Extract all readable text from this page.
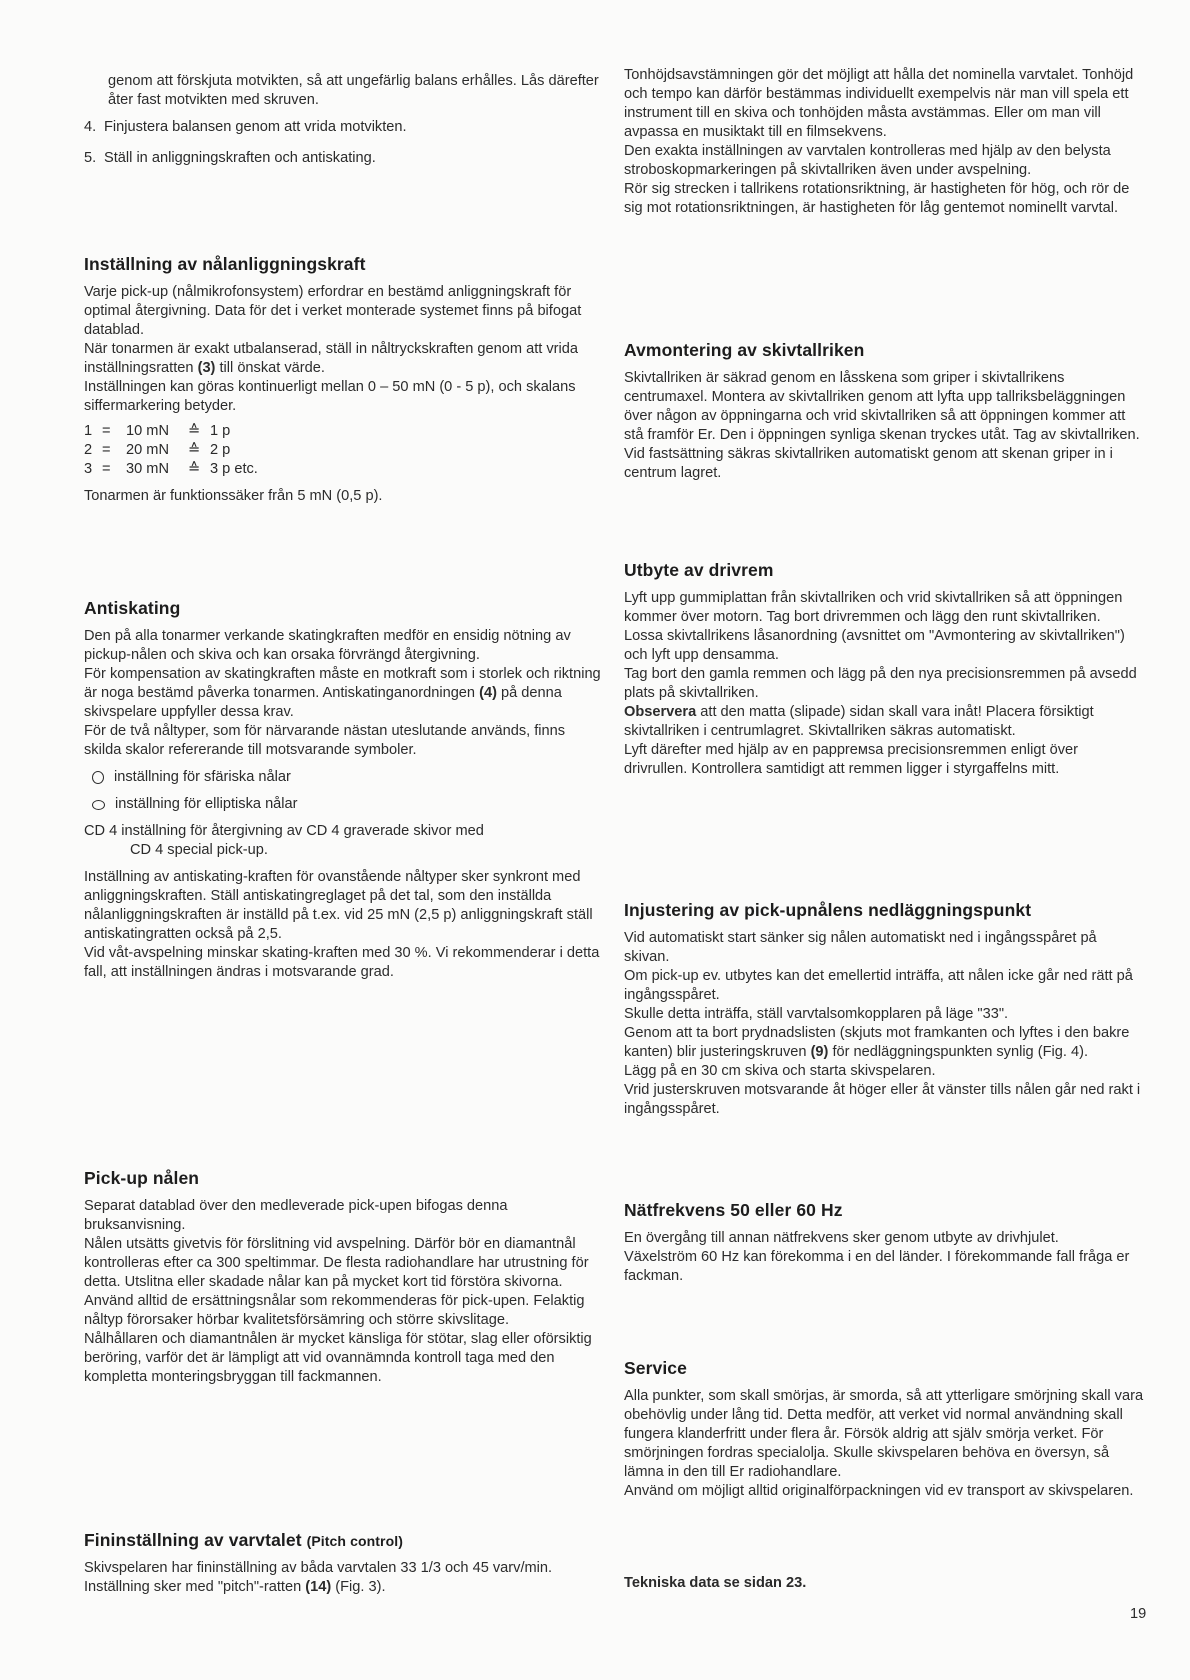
genom att förskjuta motvikten, så att ungefärlig balans erhålles. Lås därefter åter fast motvikten med skruven.

4. Finjustera balansen genom att vrida motvikten.
5. Ställ in anliggningskraften och antiskating.
Inställning av nålanliggningskraft

Varje pick-up (nålmikrofonsystem) erfordrar en bestämd anliggningskraft för optimal återgivning. Data för det i verket monterade systemet finns på bifogat datablad.

När tonarmen är exakt utbalanserad, ställ in nåltryckskraften genom att vrida inställningsratten (3) till önskat värde.

Inställningen kan göras kontinuerligt mellan 0 – 50 mN (0 - 5 p), och skalans siffermarkering betyder.

1 =	10 mN	≙ 1 p
2 =	20 mN	≙ 2 p
3 =	30 mN	≙ 3 p etc.

Tonarmen är funktionssäker från 5 mN (0,5 p).

Antiskating

Den på alla tonarmer verkande skatingkraften medför en ensidig nötning av pickup-nålen och skiva och kan orsaka förvrängd återgivning.

För kompensation av skatingkraften måste en motkraft som i storlek och riktning är noga bestämd påverka tonarmen. Antiskatinganordningen (4) på denna skivspelare uppfyller dessa krav.

För de två nåltyper, som för närvarande nästan uteslutande används, finns skilda skalor refererande till motsvarande symboler.

inställning för sfäriska nålar
inställning för elliptiska nålar
CD 4 inställning för återgivning av CD 4 graverade skivor med
CD 4 special pick-up.

Inställning av antiskating-kraften för ovanstående nåltyper sker synkront med anliggningskraften. Ställ antiskatingreglaget på det tal, som den inställda nålanliggningskraften är inställd på t.ex. vid 25 mN (2,5 p) anliggningskraft ställ antiskatingratten också på 2,5.

Vid våt-avspelning minskar skating-kraften med 30 %. Vi rekommenderar i detta fall, att inställningen ändras i motsvarande grad.

Pick-up nålen

Separat datablad över den medleverade pick-upen bifogas denna bruksanvisning.

Nålen utsätts givetvis för förslitning vid avspelning. Därför bör en diamantnål kontrolleras efter ca 300 speltimmar. De flesta radiohandlare har utrustning för detta. Utslitna eller skadade nålar kan på mycket kort tid förstöra skivorna.

Använd alltid de ersättningsnålar som rekommenderas för pick-upen. Felaktig nåltyp förorsaker hörbar kvalitetsförsämring och större skivslitage.

Nålhållaren och diamantnålen är mycket känsliga för stötar, slag eller oförsiktig beröring, varför det är lämpligt att vid ovannämnda kontroll taga med den kompletta monteringsbryggan till fackmannen.

Fininställning av varvtalet (Pitch control)

Skivspelaren har fininställning av båda varvtalen 33 1/3 och 45 varv/min. Inställning sker med "pitch"-ratten (14) (Fig. 3).

Tonhöjdsavstämningen gör det möjligt att hålla det nominella varvtalet. Tonhöjd och tempo kan därför bestämmas individuellt exempelvis när man vill spela ett instrument till en skiva och tonhöjden måsta avstämmas. Eller om man vill avpassa en musiktakt till en filmsekvens.

Den exakta inställningen av varvtalen kontrolleras med hjälp av den belysta stroboskopmarkeringen på skivtallriken även under avspelning.

Rör sig strecken i tallrikens rotationsriktning, är hastigheten för hög, och rör de sig mot rotationsriktningen, är hastigheten för låg gentemot nominellt varvtal.

Avmontering av skivtallriken

Skivtallriken är säkrad genom en låsskena som griper i skivtallrikens centrumaxel. Montera av skivtallriken genom att lyfta upp tallriksbeläggningen över någon av öppningarna och vrid skivtallriken så att öppningen kommer att stå framför Er. Den i öppningen synliga skenan tryckes utåt. Tag av skivtallriken.

Vid fastsättning säkras skivtallriken automatiskt genom att skenan griper in i centrum lagret.

Utbyte av drivrem

Lyft upp gummiplattan från skivtallriken och vrid skivtallriken så att öppningen kommer över motorn. Tag bort drivremmen och lägg den runt skivtallriken.

Lossa skivtallrikens låsanordning (avsnittet om "Avmontering av skivtallriken") och lyft upp densamma.

Tag bort den gamla remmen och lägg på den nya precisionsremmen på avsedd plats på skivtallriken.

Observera att den matta (slipade) sidan skall vara inåt! Placera försiktigt skivtallriken i centrumlagret. Skivtallriken säkras automatiskt.

Lyft därefter med hjälp av en papprемsa precisionsremmen enligt över drivrullen. Kontrollera samtidigt att remmen ligger i styrgaffelns mitt.

Injustering av pick-upnålens nedläggningspunkt

Vid automatiskt start sänker sig nålen automatiskt ned i ingångsspåret på skivan.

Om pick-up ev. utbytes kan det emellertid inträffa, att nålen icke går ned rätt på ingångsspåret.

Skulle detta inträffa, ställ varvtalsomkopplaren på läge "33".

Genom att ta bort prydnadslisten (skjuts mot framkanten och lyftes i den bakre kanten) blir justeringskruven (9) för nedläggningspunkten synlig (Fig. 4).

Lägg på en 30 cm skiva och starta skivspelaren.

Vrid justerskruven motsvarande åt höger eller åt vänster tills nålen går ned rakt i ingångsspåret.

Nätfrekvens 50 eller 60 Hz

En övergång till annan nätfrekvens sker genom utbyte av drivhjulet.

Växelström 60 Hz kan förekomma i en del länder. I förekommande fall fråga er fackman.

Service

Alla punkter, som skall smörjas, är smorda, så att ytterligare smörjning skall vara obehövlig under lång tid. Detta medför, att verket vid normal användning skall fungera klanderfritt under flera år. Försök aldrig att själv smörja verket. För smörjningen fordras specialolja. Skulle skivspelaren behöva en översyn, så lämna in den till Er radiohandlare.

Använd om möjligt alltid originalförpackningen vid ev transport av skivspelaren.

Tekniska data se sidan 23.
19
